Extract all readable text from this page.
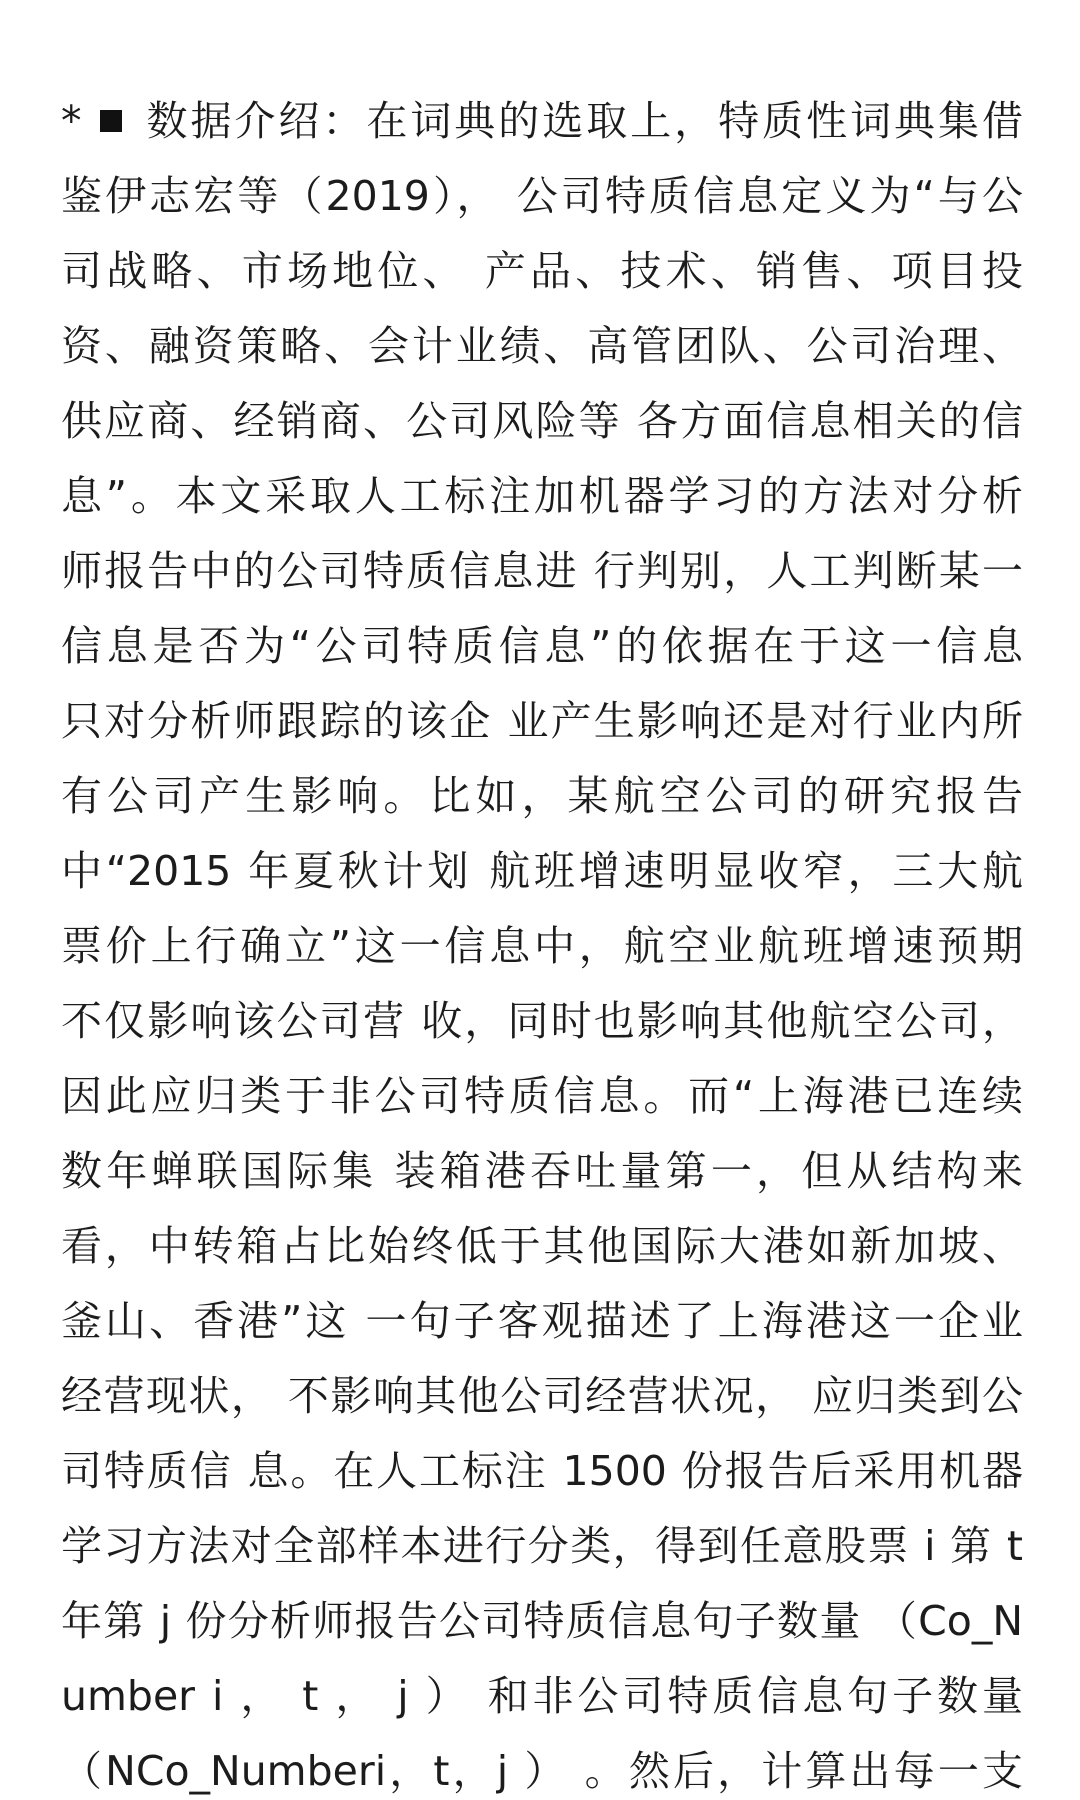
* 数据介绍：在词典的选取上，特质性词典集借
鉴伊志宏等（2019）， 公司特质信息定义为“与公
司战略、市场地位、 产品、技术、销售、项目投
资、融资策略、会计业绩、高管团队、公司治理、
供应商、经销商、公司风险等 各方面信息相关的信
息”。本文采取人工标注加机器学习的方法对分析
师报告中的公司特质信息进 行判别，人工判断某一
信息是否为“公司特质信息”的依据在于这一信息
只对分析师跟踪的该企 业产生影响还是对行业内所
有公司产生影响。比如，某航空公司的研究报告
中“2015 年夏秋计划 航班增速明显收窄，三大航
票价上行确立”这一信息中，航空业航班增速预期
不仅影响该公司营 收，同时也影响其他航空公司，
因此应归类于非公司特质信息。而“上海港已连续
数年蝉联国际集 装箱港吞吐量第一，但从结构来
看，中转箱占比始终低于其他国际大港如新加坡、
釜山、香港”这 一句子客观描述了上海港这一企业
经营现状， 不影响其他公司经营状况， 应归类到公
司特质信 息。在人工标注 1500 份报告后采用机器
学习方法对全部样本进行分类，得到任意股票 i 第 t
年第 j 份分析师报告公司特质信息句子数量 （Co_N
umber i ， t ， j ） 和非公司特质信息句子数量
（NCo_Numberi，t，j ） 。然后，计算出每一支
